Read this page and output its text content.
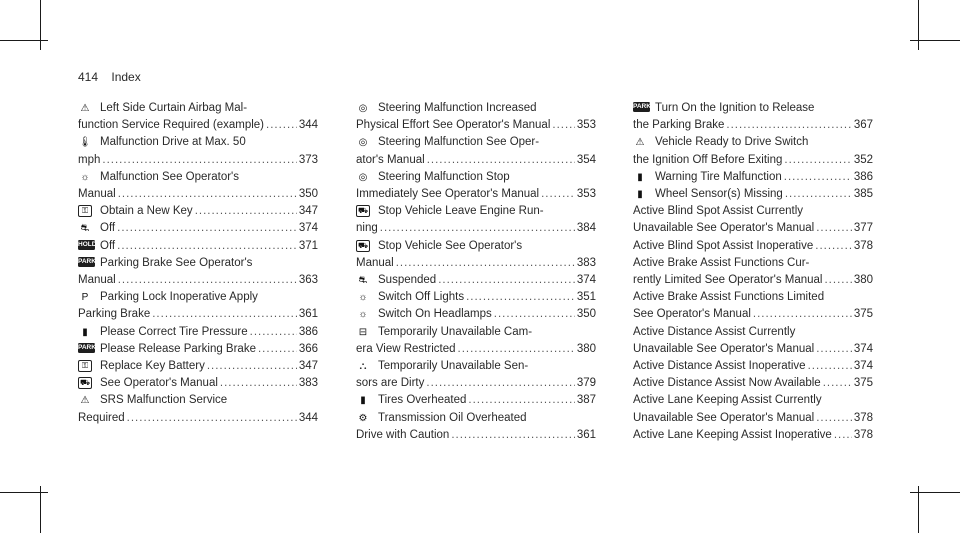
414 Index
⚠ Left Side Curtain Airbag Mal-
function Service Required (example) .....	344
🌡 Malfunction Drive at Max. 50
mph .....	373
☼ Malfunction See Operator's
Manual .....	350
⚿	Obtain a New Key .....	347
⛐ Off .....	374
HOLD Off .....	371
PARK Parking Brake See Operator's
Manual .....	363
P	Parking Lock Inoperative Apply
Parking Brake .....	361
▮	Please Correct Tire Pressure .....	386
PARK Please Release Parking Brake .....	366
⚿	Replace Key Battery .....	347
⛟ See Operator's Manual .....	383
⚠ SRS Malfunction Service
Required .....	344
◎ Steering Malfunction Increased
Physical Effort See Operator's Manual ..... 353
◎ Steering Malfunction See Oper-
ator's Manual .....	354
◎ Steering Malfunction Stop
Immediately See Operator's Manual .....	353
⛟ Stop Vehicle Leave Engine Run-
ning .....	384
⛟ Stop Vehicle See Operator's
Manual .....	383
⛐ Suspended .....	374
☼ Switch Off Lights .....	351
☼ Switch On Headlamps .....	350
⊟ Temporarily Unavailable Cam-
era View Restricted .....	380
⛬	Temporarily Unavailable Sen-
sors are Dirty .....	379
▮	Tires Overheated .....	387
⚙ Transmission Oil Overheated
Drive with Caution .....	361
PARK Turn On the Ignition to Release
the Parking Brake .....	367
⚠ Vehicle Ready to Drive Switch
the Ignition Off Before Exiting .....	352
▮	Warning Tire Malfunction .....	386
▮	Wheel Sensor(s) Missing .....	385
Active Blind Spot Assist Currently
Unavailable See Operator's Manual .....	377
Active Blind Spot Assist Inoperative .....	378
Active Brake Assist Functions Cur-
rently Limited See Operator's Manual .....	380
Active Brake Assist Functions Limited
See Operator's Manual .....	375
Active Distance Assist Currently
Unavailable See Operator's Manual .....	374
Active Distance Assist Inoperative .....	374
Active Distance Assist Now Available .....	375
Active Lane Keeping Assist Currently
Unavailable See Operator's Manual .....	378
Active Lane Keeping Assist Inoperative ..... 378
